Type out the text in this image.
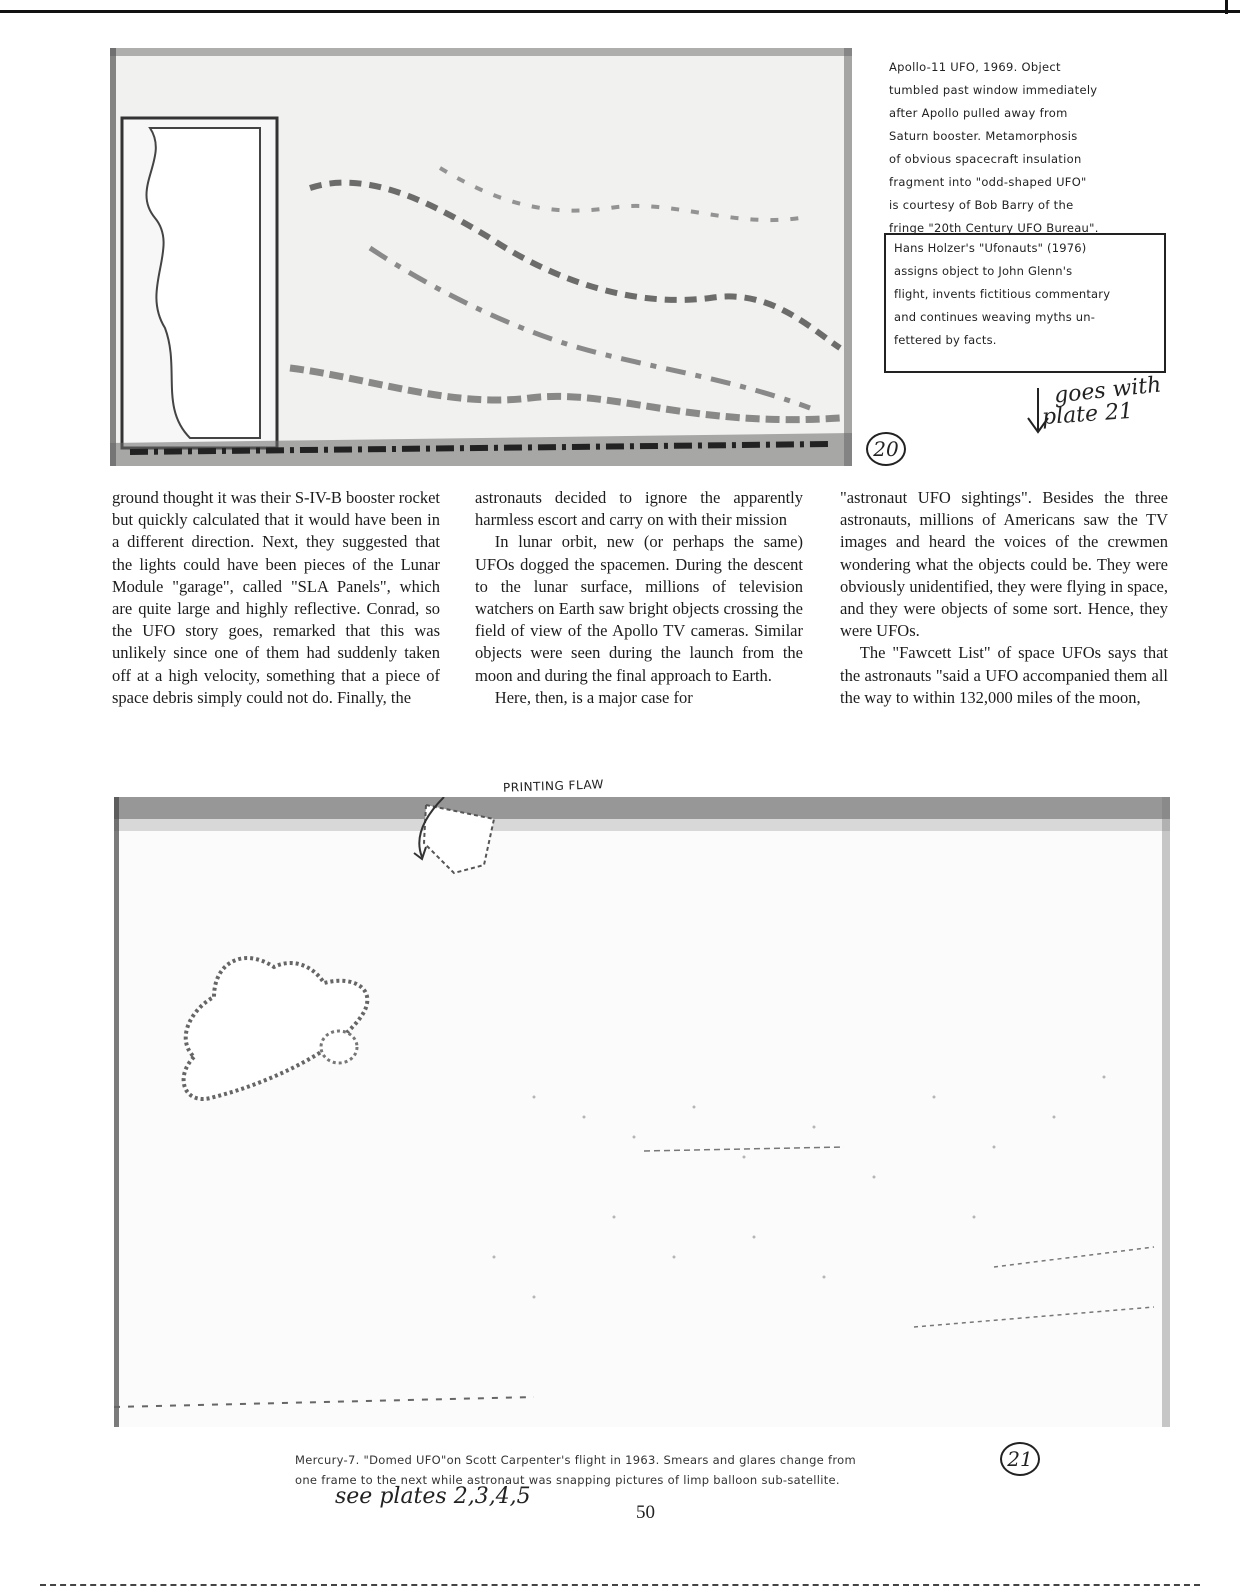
Apollo-11 UFO, 1969. Object
tumbled past window immediately
after Apollo pulled away from
Saturn booster. Metamorphosis
of obvious spacecraft insulation
fragment into "odd-shaped UFO"
is courtesy of Bob Barry of the
fringe "20th Century UFO Bureau".
Hans Holzer's "Ufonauts" (1976)
assigns object to John Glenn's
flight, invents fictitious commentary
and continues weaving myths un-
fettered by facts.
goes with
plate 21
20

ground thought it was their S-IV-B booster rocket but quickly calculated that it would have been in a different direction. Next, they suggested that the lights could have been pieces of the Lunar Module "garage", called "SLA Panels", which are quite large and highly reflective. Conrad, so the UFO story goes, remarked that this was unlikely since one of them had suddenly taken off at a high velocity, something that a piece of space debris simply could not do. Finally, the

astronauts decided to ignore the apparently harmless escort and carry on with their mission

In lunar orbit, new (or perhaps the same) UFOs dogged the spacemen. During the descent to the lunar surface, millions of television watchers on Earth saw bright objects crossing the field of view of the Apollo TV cameras. Similar objects were seen during the launch from the moon and during the final approach to Earth.

Here, then, is a major case for

"astronaut UFO sightings". Besides the three astronauts, millions of Americans saw the TV images and heard the voices of the crewmen wondering what the objects could be. They were obviously unidentified, they were flying in space, and they were objects of some sort. Hence, they were UFOs.

The "Fawcett List" of space UFOs says that the astronauts "said a UFO accompanied them all the way to within 132,000 miles of the moon,

PRINTING FLAW
Mercury-7. "Domed UFO"on Scott Carpenter's flight in 1963. Smears and glares change from
one frame to the next while astronaut was snapping pictures of limp balloon sub-satellite.
21
see plates 2,3,4,5
50
